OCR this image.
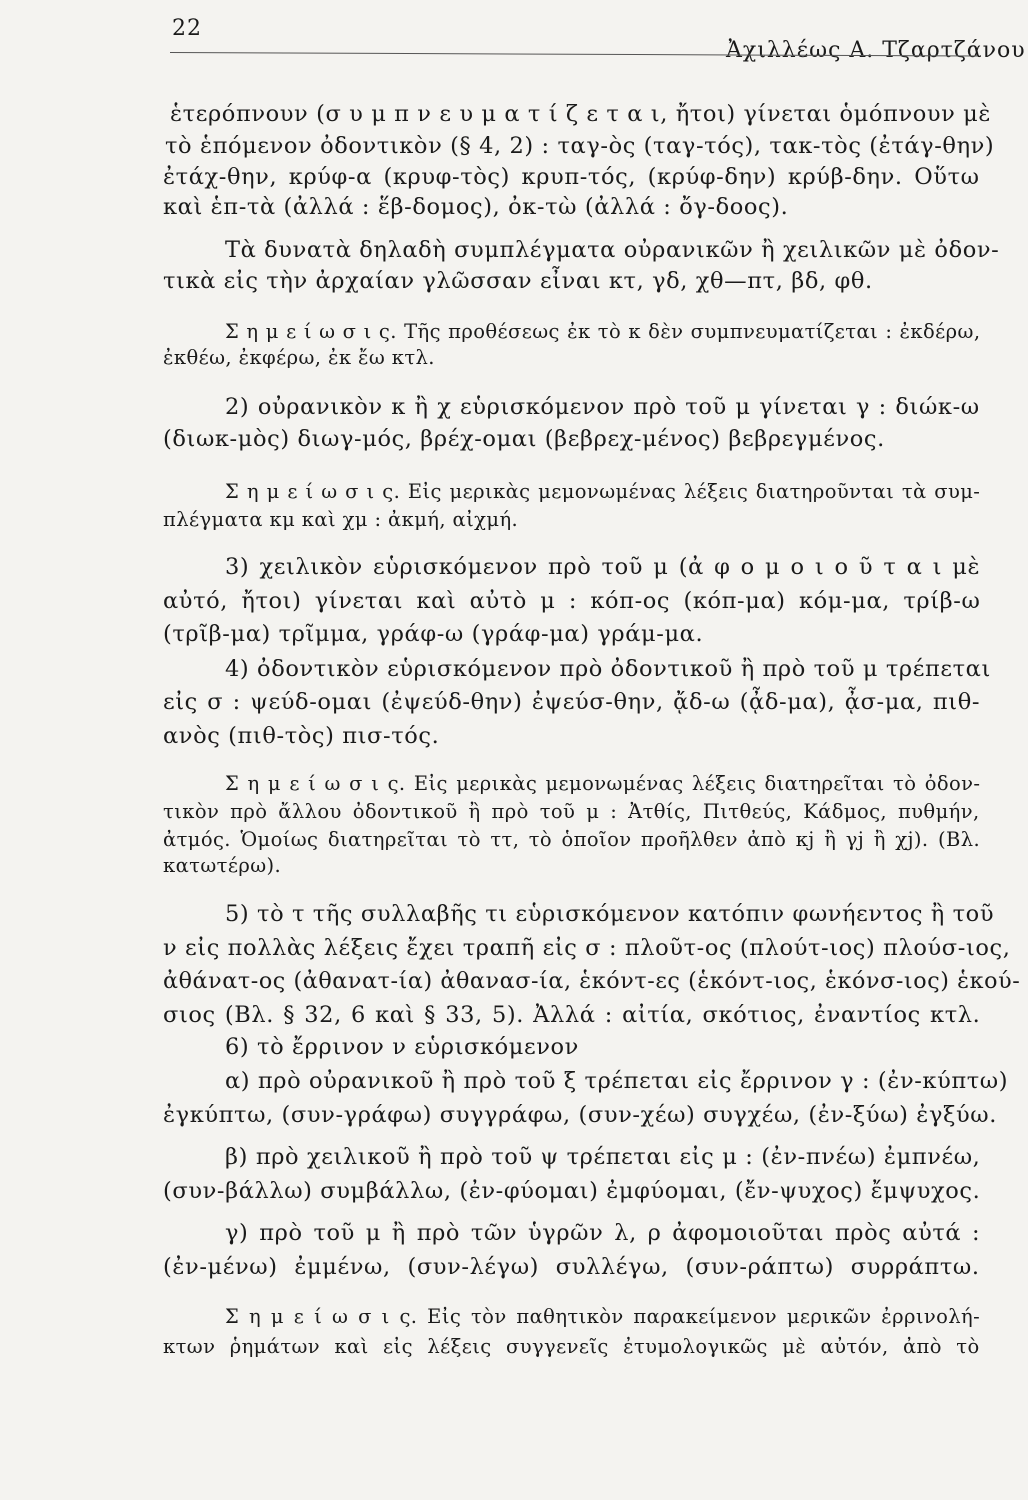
22
Ἀχιλλέως Α. Τζαρτζάνου
ἑτερόπνουν (σ υ μ π ν ε υ μ α τ ί ζ ε τ α ι, ἤτοι) γίνεται ὁμόπνουν μὲ
τὸ ἑπόμενον ὀδοντικὸν (§ 4, 2) : ταγ-ὸς (ταγ-τός), τακ-τὸς (ἐτάγ-θην)
ἐτάχ-θην, κρύφ-α (κρυφ-τὸς) κρυπ-τός, (κρύφ-δην) κρύβ-δην. Οὕτω
καὶ ἑπ-τὰ (ἀλλά : ἕβ-δομος), ὀκ-τὼ (ἀλλά : ὄγ-δοος).
Τὰ δυνατὰ δηλαδὴ συμπλέγματα οὐρανικῶν ἢ χειλικῶν μὲ ὀδον-
τικὰ εἰς τὴν ἀρχαίαν γλῶσσαν εἶναι κτ, γδ, χθ—πτ, βδ, φθ.
Σ η μ ε ί ω σ ι ς. Τῆς προθέσεως ἐκ τὸ κ δὲν συμπνευματίζεται : ἐκδέρω,
ἐκθέω, ἐκφέρω, ἐκ ἔω κτλ.
2) οὐρανικὸν κ ἢ χ εὑρισκόμενον πρὸ τοῦ μ γίνεται γ : διώκ-ω
(διωκ-μὸς) διωγ-μός, βρέχ-ομαι (βεβρεχ-μένος) βεβρεγμένος.
Σ η μ ε ί ω σ ι ς. Εἰς μερικὰς μεμονωμένας λέξεις διατηροῦνται τὰ συμ-
πλέγματα κμ καὶ χμ : ἀκμή, αἰχμή.
3) χειλικὸν εὑρισκόμενον πρὸ τοῦ μ (ἀ φ ο μ ο ι ο ῦ τ α ι μὲ
αὐτό, ἤτοι) γίνεται καὶ αὐτὸ μ : κόπ-ος (κόπ-μα) κόμ-μα, τρίβ-ω
(τρῖβ-μα) τρῖμμα, γράφ-ω (γράφ-μα) γράμ-μα.
4) ὀδοντικὸν εὑρισκόμενον πρὸ ὀδοντικοῦ ἢ πρὸ τοῦ μ τρέπεται
εἰς σ : ψεύδ-ομαι (ἐψεύδ-θην) ἐψεύσ-θην, ᾄδ-ω (ᾆδ-μα), ᾆσ-μα, πιθ-
ανὸς (πιθ-τὸς) πισ-τός.
Σ η μ ε ί ω σ ι ς. Εἰς μερικὰς μεμονωμένας λέξεις διατηρεῖται τὸ ὀδον-
τικὸν πρὸ ἄλλου ὀδοντικοῦ ἢ πρὸ τοῦ μ : Ἀτθίς, Πιτθεύς, Κάδμος, πυθμήν,
ἀτμός. Ὁμοίως διατηρεῖται τὸ ττ, τὸ ὁποῖον προῆλθεν ἀπὸ κj ἢ γj ἢ χj). (Βλ.
κατωτέρω).
5) τὸ τ τῆς συλλαβῆς τι εὑρισκόμενον κατόπιν φωνήεντος ἢ τοῦ
ν εἰς πολλὰς λέξεις ἔχει τραπῆ εἰς σ : πλοῦτ-ος (πλούτ-ιος) πλούσ-ιος,
ἀθάνατ-ος (ἀθανατ-ία) ἀθανασ-ία, ἑκόντ-ες (ἑκόντ-ιος, ἑκόνσ-ιος) ἑκού-
σιος (Βλ. § 32, 6 καὶ § 33, 5). Ἀλλά : αἰτία, σκότιος, ἐναντίος κτλ.
6) τὸ ἔρρινον ν εὑρισκόμενον
α) πρὸ οὐρανικοῦ ἢ πρὸ τοῦ ξ τρέπεται εἰς ἔρρινον γ : (ἐν-κύπτω)
ἐγκύπτω, (συν-γράφω) συγγράφω, (συν-χέω) συγχέω, (ἐν-ξύω) ἐγξύω.
β) πρὸ χειλικοῦ ἢ πρὸ τοῦ ψ τρέπεται εἰς μ : (ἐν-πνέω) ἐμπνέω,
(συν-βάλλω) συμβάλλω, (ἐν-φύομαι) ἐμφύομαι, (ἔν-ψυχος) ἔμψυχος.
γ) πρὸ τοῦ μ ἢ πρὸ τῶν ὑγρῶν λ, ρ ἀφομοιοῦται πρὸς αὐτά :
(ἐν-μένω) ἐμμένω, (συν-λέγω) συλλέγω, (συν-ράπτω) συρράπτω.
Σ η μ ε ί ω σ ι ς. Εἰς τὸν παθητικὸν παρακείμενον μερικῶν ἐρρινολή-
κτων ῥημάτων καὶ εἰς λέξεις συγγενεῖς ἐτυμολογικῶς μὲ αὐτόν, ἀπὸ τὸ
